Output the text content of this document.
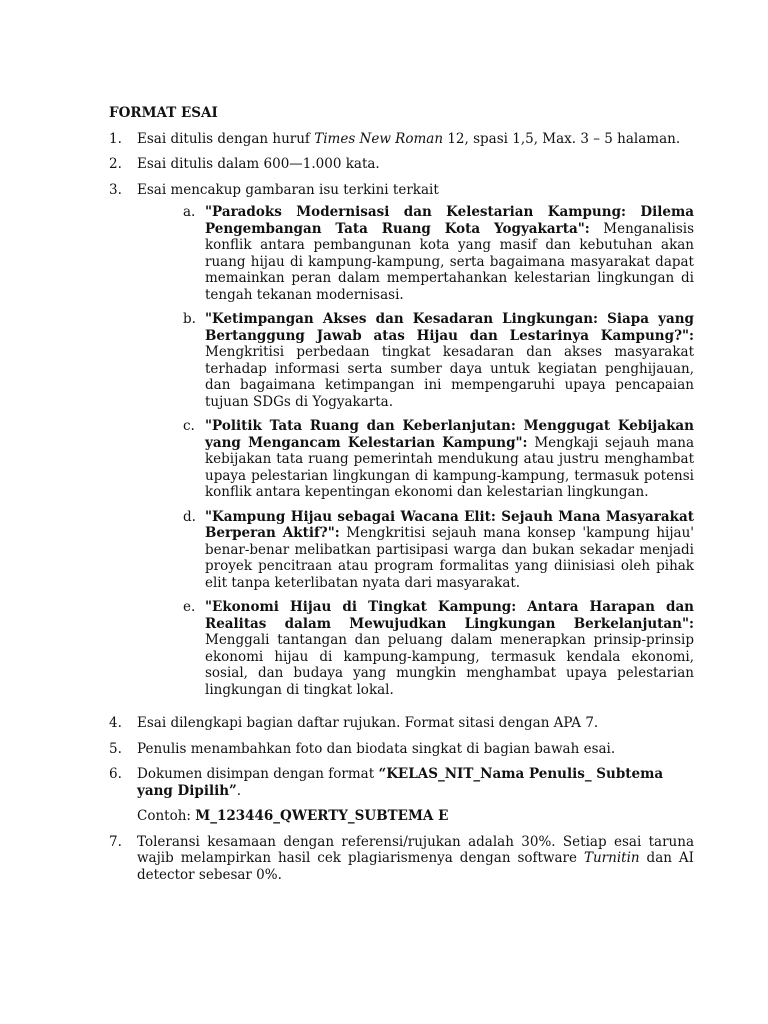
FORMAT ESAI
1.	Esai ditulis dengan huruf Times New Roman 12, spasi 1,5, Max. 3 – 5 halaman.
2.	Esai ditulis dalam 600—1.000 kata.
3.	Esai mencakup gambaran isu terkini terkait
a. "Paradoks Modernisasi dan Kelestarian Kampung: Dilema Pengembangan Tata Ruang Kota Yogyakarta": Menganalisis konflik antara pembangunan kota yang masif dan kebutuhan akan ruang hijau di kampung-kampung, serta bagaimana masyarakat dapat memainkan peran dalam mempertahankan kelestarian lingkungan di tengah tekanan modernisasi.
b. "Ketimpangan Akses dan Kesadaran Lingkungan: Siapa yang Bertanggung Jawab atas Hijau dan Lestarinya Kampung?": Mengkritisi perbedaan tingkat kesadaran dan akses masyarakat terhadap informasi serta sumber daya untuk kegiatan penghijauan, dan bagaimana ketimpangan ini mempengaruhi upaya pencapaian tujuan SDGs di Yogyakarta.
c. "Politik Tata Ruang dan Keberlanjutan: Menggugat Kebijakan yang Mengancam Kelestarian Kampung": Mengkaji sejauh mana kebijakan tata ruang pemerintah mendukung atau justru menghambat upaya pelestarian lingkungan di kampung-kampung, termasuk potensi konflik antara kepentingan ekonomi dan kelestarian lingkungan.
d. "Kampung Hijau sebagai Wacana Elit: Sejauh Mana Masyarakat Berperan Aktif?": Mengkritisi sejauh mana konsep 'kampung hijau' benar-benar melibatkan partisipasi warga dan bukan sekadar menjadi proyek pencitraan atau program formalitas yang diinisiasi oleh pihak elit tanpa keterlibatan nyata dari masyarakat.
e. "Ekonomi Hijau di Tingkat Kampung: Antara Harapan dan Realitas dalam Mewujudkan Lingkungan Berkelanjutan": Menggali tantangan dan peluang dalam menerapkan prinsip-prinsip ekonomi hijau di kampung-kampung, termasuk kendala ekonomi, sosial, dan budaya yang mungkin menghambat upaya pelestarian lingkungan di tingkat lokal.
4.	Esai dilengkapi bagian daftar rujukan. Format sitasi dengan APA 7.
5.	Penulis menambahkan foto dan biodata singkat di bagian bawah esai.
6.	Dokumen disimpan dengan format “KELAS_NIT_Nama Penulis_ Subtema yang Dipilih”.
Contoh: M_123446_QWERTY_SUBTEMA E
7.	Toleransi kesamaan dengan referensi/rujukan adalah 30%. Setiap esai taruna wajib melampirkan hasil cek plagiarismenya dengan software Turnitin dan AI detector sebesar 0%.
